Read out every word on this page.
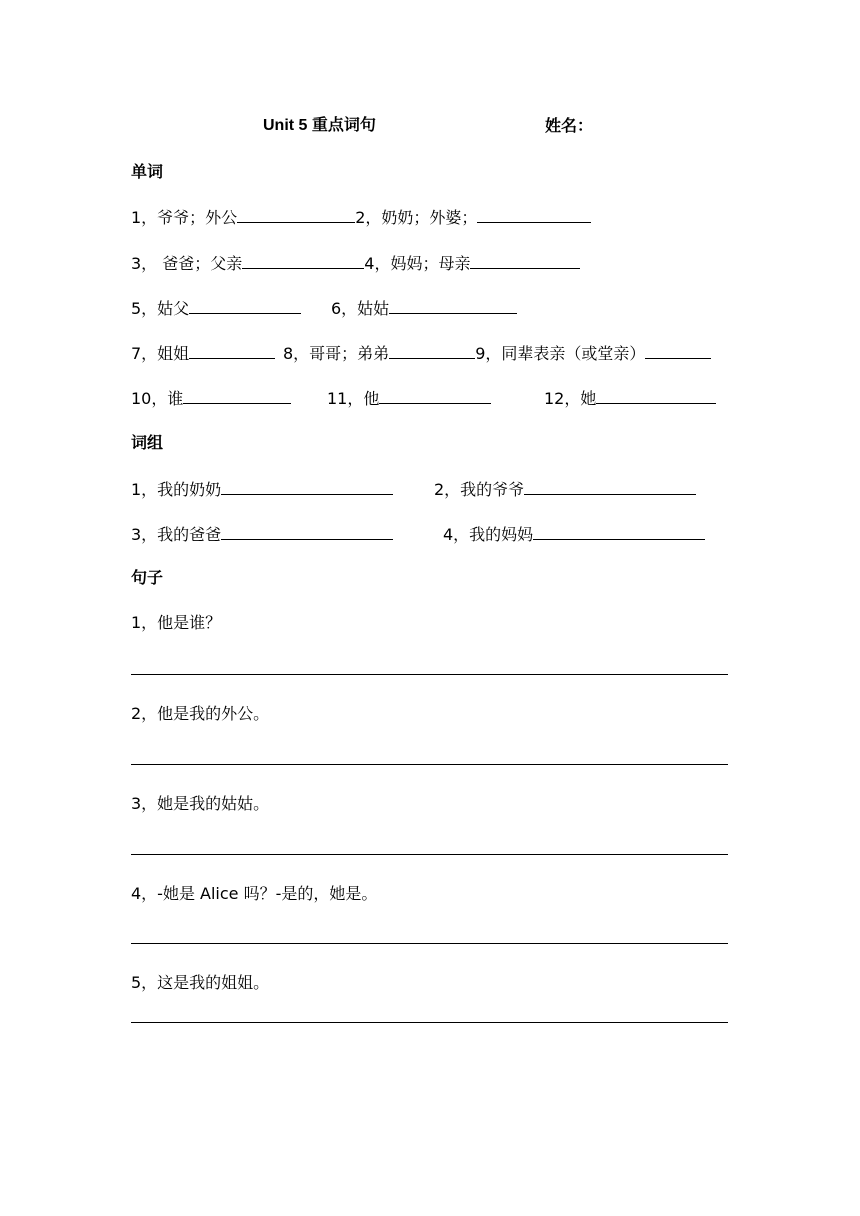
Unit 5 重点词句	姓名：
单词
1，爷爷；外公	2，奶奶；外婆；
3， 爸爸；父亲	4，妈妈；母亲
5，姑父	6，姑姑
7，姐姐	8，哥哥；弟弟	9，同辈表亲（或堂亲）
10，谁	11，他	12，她
词组
1，我的奶奶	2，我的爷爷
3，我的爸爸	4，我的妈妈
句子
1，他是谁？
2，他是我的外公。
3，她是我的姑姑。
4，-她是 Alice 吗？-是的，她是。
5，这是我的姐姐。
